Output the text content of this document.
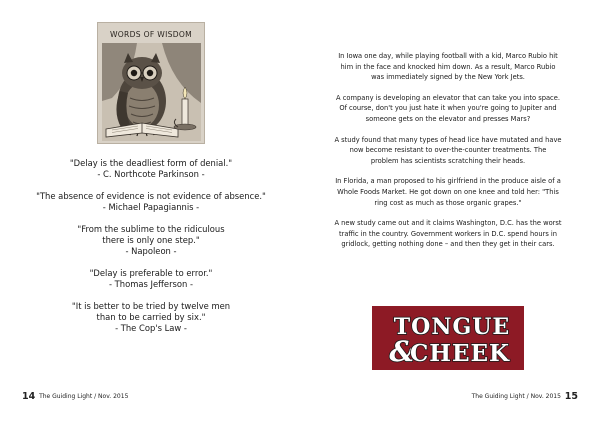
WORDS OF WISDOM
"Delay is the deadliest form of denial."
- C. Northcote Parkinson -
"The absence of evidence is not evidence of absence."
- Michael Papagiannis -
"From the sublime to the ridiculous
there is only one step."
- Napoleon -
"Delay is preferable to error."
- Thomas Jefferson -
"It is better to be tried by twelve men
than to be carried by six."
- The Cop's Law -
14 The Guiding Light / Nov. 2015
In Iowa one day, while playing football with a kid, Marco Rubio hit
him in the face and knocked him down. As a result, Marco Rubio
was immediately signed by the New York Jets.
A company is developing an elevator that can take you into space.
Of course, don't you just hate it when you're going to Jupiter and
someone gets on the elevator and presses Mars?
A study found that many types of head lice have mutated and have
now become resistant to over-the-counter treatments. The
problem has scientists scratching their heads.
In Florida, a man proposed to his girlfriend in the produce aisle of a
Whole Foods Market. He got down on one knee and told her: "This
ring cost as much as those organic grapes."
A new study came out and it claims Washington, D.C. has the worst
traffic in the country. Government workers in D.C. spend hours in
gridlock, getting nothing done – and then they get in their cars.
TONGUE
&
CHEEK
The Guiding Light / Nov. 2015 15
